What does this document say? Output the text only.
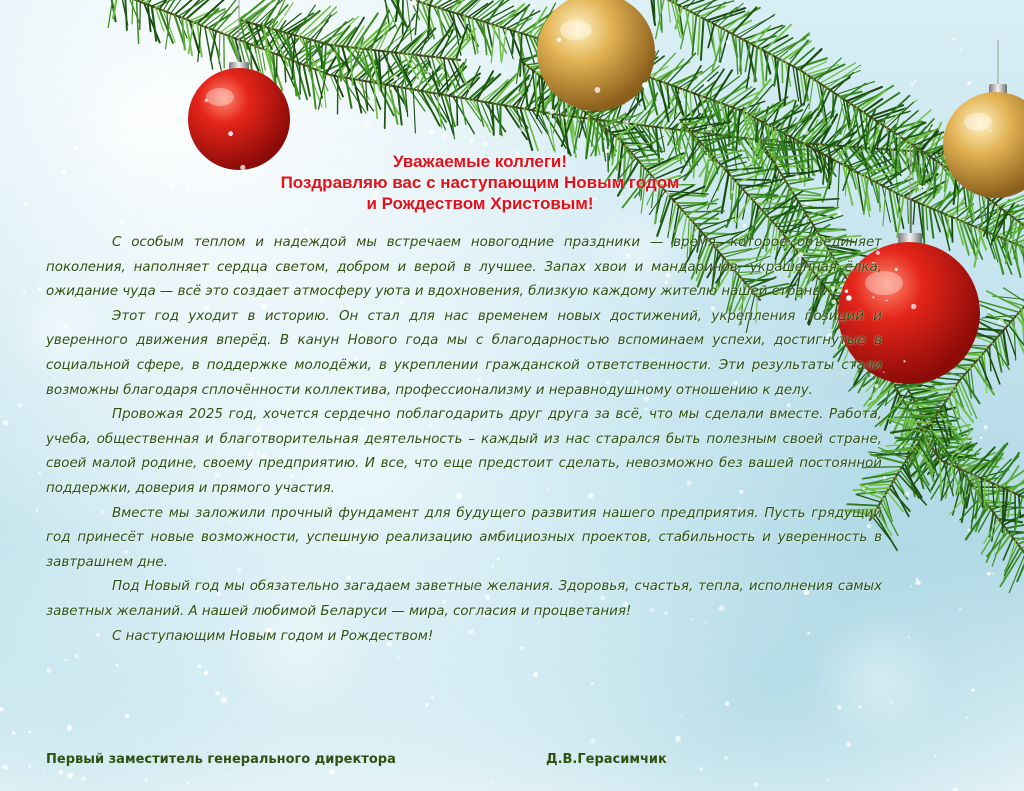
Уважаемые коллеги!
Поздравляю вас с наступающим Новым годом
и Рождеством Христовым!

С особым теплом и надеждой мы встречаем новогодние праздники — время, которое объединяет поколения, наполняет сердца светом, добром и верой в лучшее. Запах хвои и мандаринов, украшенная ёлка, ожидание чуда — всё это создает атмосферу уюта и вдохновения, близкую каждому жителю нашей страны.

Этот год уходит в историю. Он стал для нас временем новых достижений, укрепления позиций и уверенного движения вперёд. В канун Нового года мы с благодарностью вспоминаем успехи, достигнутые в социальной сфере, в поддержке молодёжи, в укреплении гражданской ответственности. Эти результаты стали возможны благодаря сплочённости коллектива, профессионализму и неравнодушному отношению к делу.

Провожая 2025 год, хочется сердечно поблагодарить друг друга за всё, что мы сделали вместе. Работа, учеба, общественная и благотворительная деятельность – каждый из нас старался быть полезным своей стране, своей малой родине, своему предприятию. И все, что еще предстоит сделать, невозможно без вашей постоянной поддержки, доверия и прямого участия.

Вместе мы заложили прочный фундамент для будущего развития нашего предприятия. Пусть грядущий год принесёт новые возможности, успешную реализацию амбициозных проектов, стабильность и уверенность в завтрашнем дне.

Под Новый год мы обязательно загадаем заветные желания. Здоровья, счастья, тепла, исполнения самых заветных желаний. А нашей любимой Беларуси — мира, согласия и процветания!

С наступающим Новым годом и Рождеством!

Первый заместитель генерального директора	Д.В.Герасимчик
